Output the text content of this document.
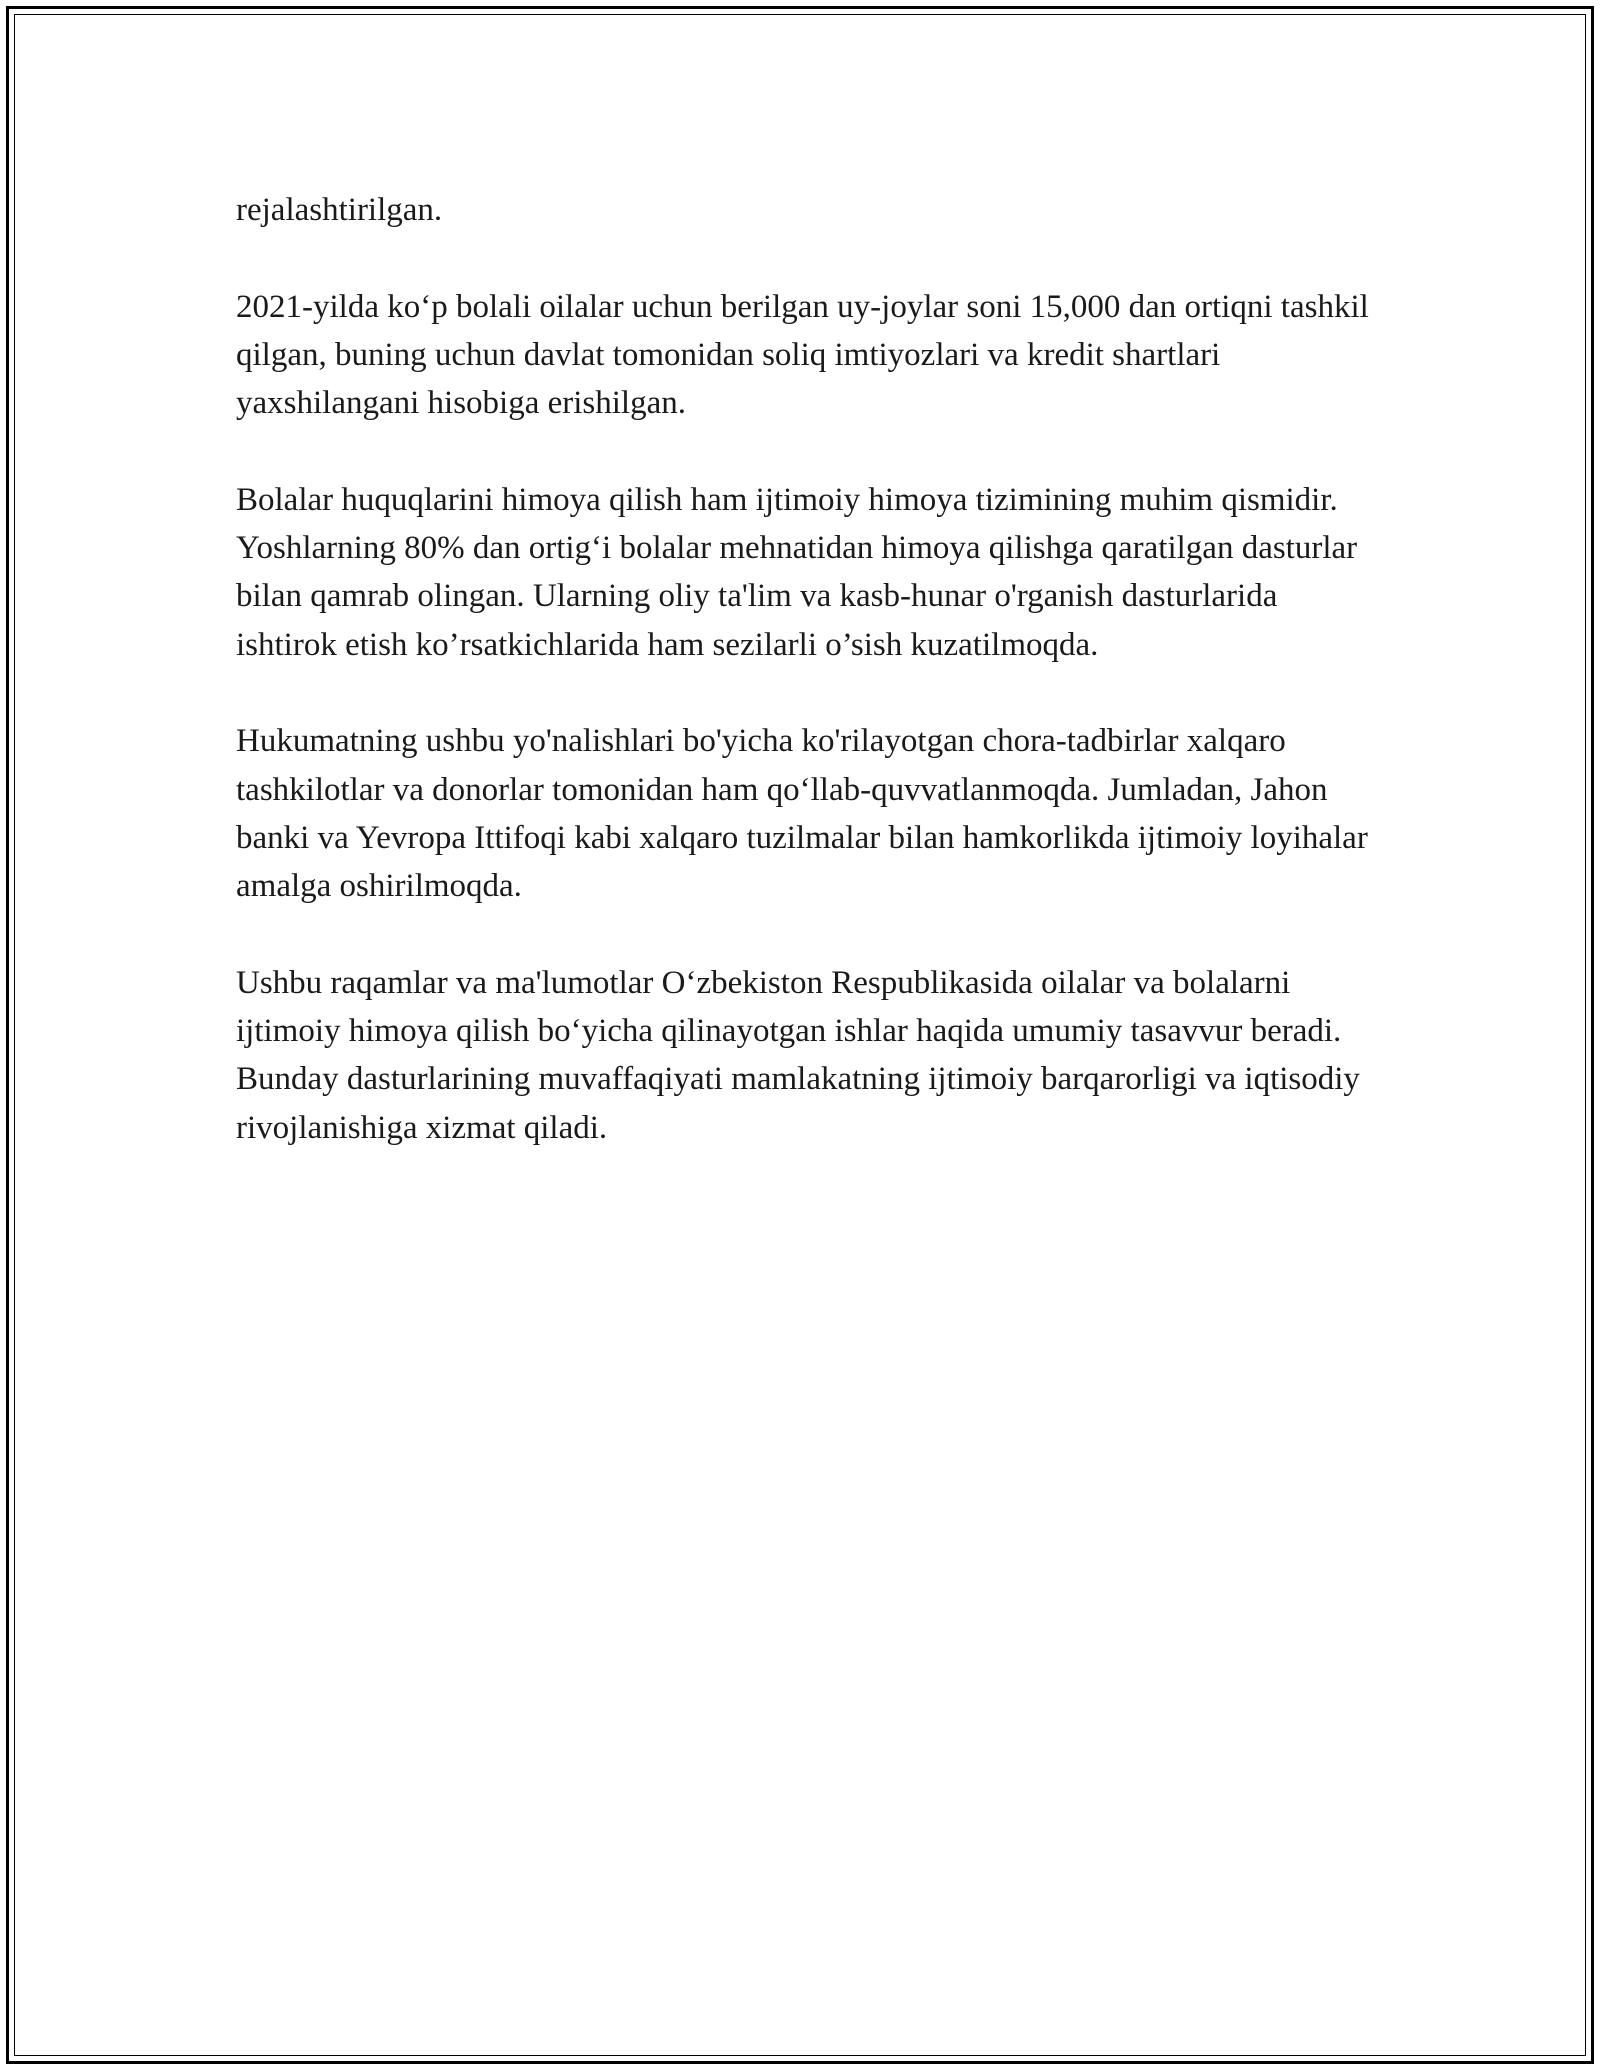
rejalashtirilgan.

2021-yilda ko‘p bolali oilalar uchun berilgan uy-joylar soni 15,000 dan ortiqni tashkil qilgan, buning uchun davlat tomonidan soliq imtiyozlari va kredit shartlari yaxshilangani hisobiga erishilgan.

Bolalar huquqlarini himoya qilish ham ijtimoiy himoya tizimining muhim qismidir. Yoshlarning 80% dan ortig‘i bolalar mehnatidan himoya qilishga qaratilgan dasturlar bilan qamrab olingan. Ularning oliy ta'lim va kasb-hunar o'rganish dasturlarida ishtirok etish ko’rsatkichlarida ham sezilarli o’sish kuzatilmoqda.

Hukumatning ushbu yo'nalishlari bo'yicha ko'rilayotgan chora-tadbirlar xalqaro tashkilotlar va donorlar tomonidan ham qo‘llab-quvvatlanmoqda. Jumladan, Jahon banki va Yevropa Ittifoqi kabi xalqaro tuzilmalar bilan hamkorlikda ijtimoiy loyihalar amalga oshirilmoqda.

Ushbu raqamlar va ma'lumotlar O‘zbekiston Respublikasida oilalar va bolalarni ijtimoiy himoya qilish bo‘yicha qilinayotgan ishlar haqida umumiy tasavvur beradi. Bunday dasturlarining muvaffaqiyati mamlakatning ijtimoiy barqarorligi va iqtisodiy rivojlanishiga xizmat qiladi.
